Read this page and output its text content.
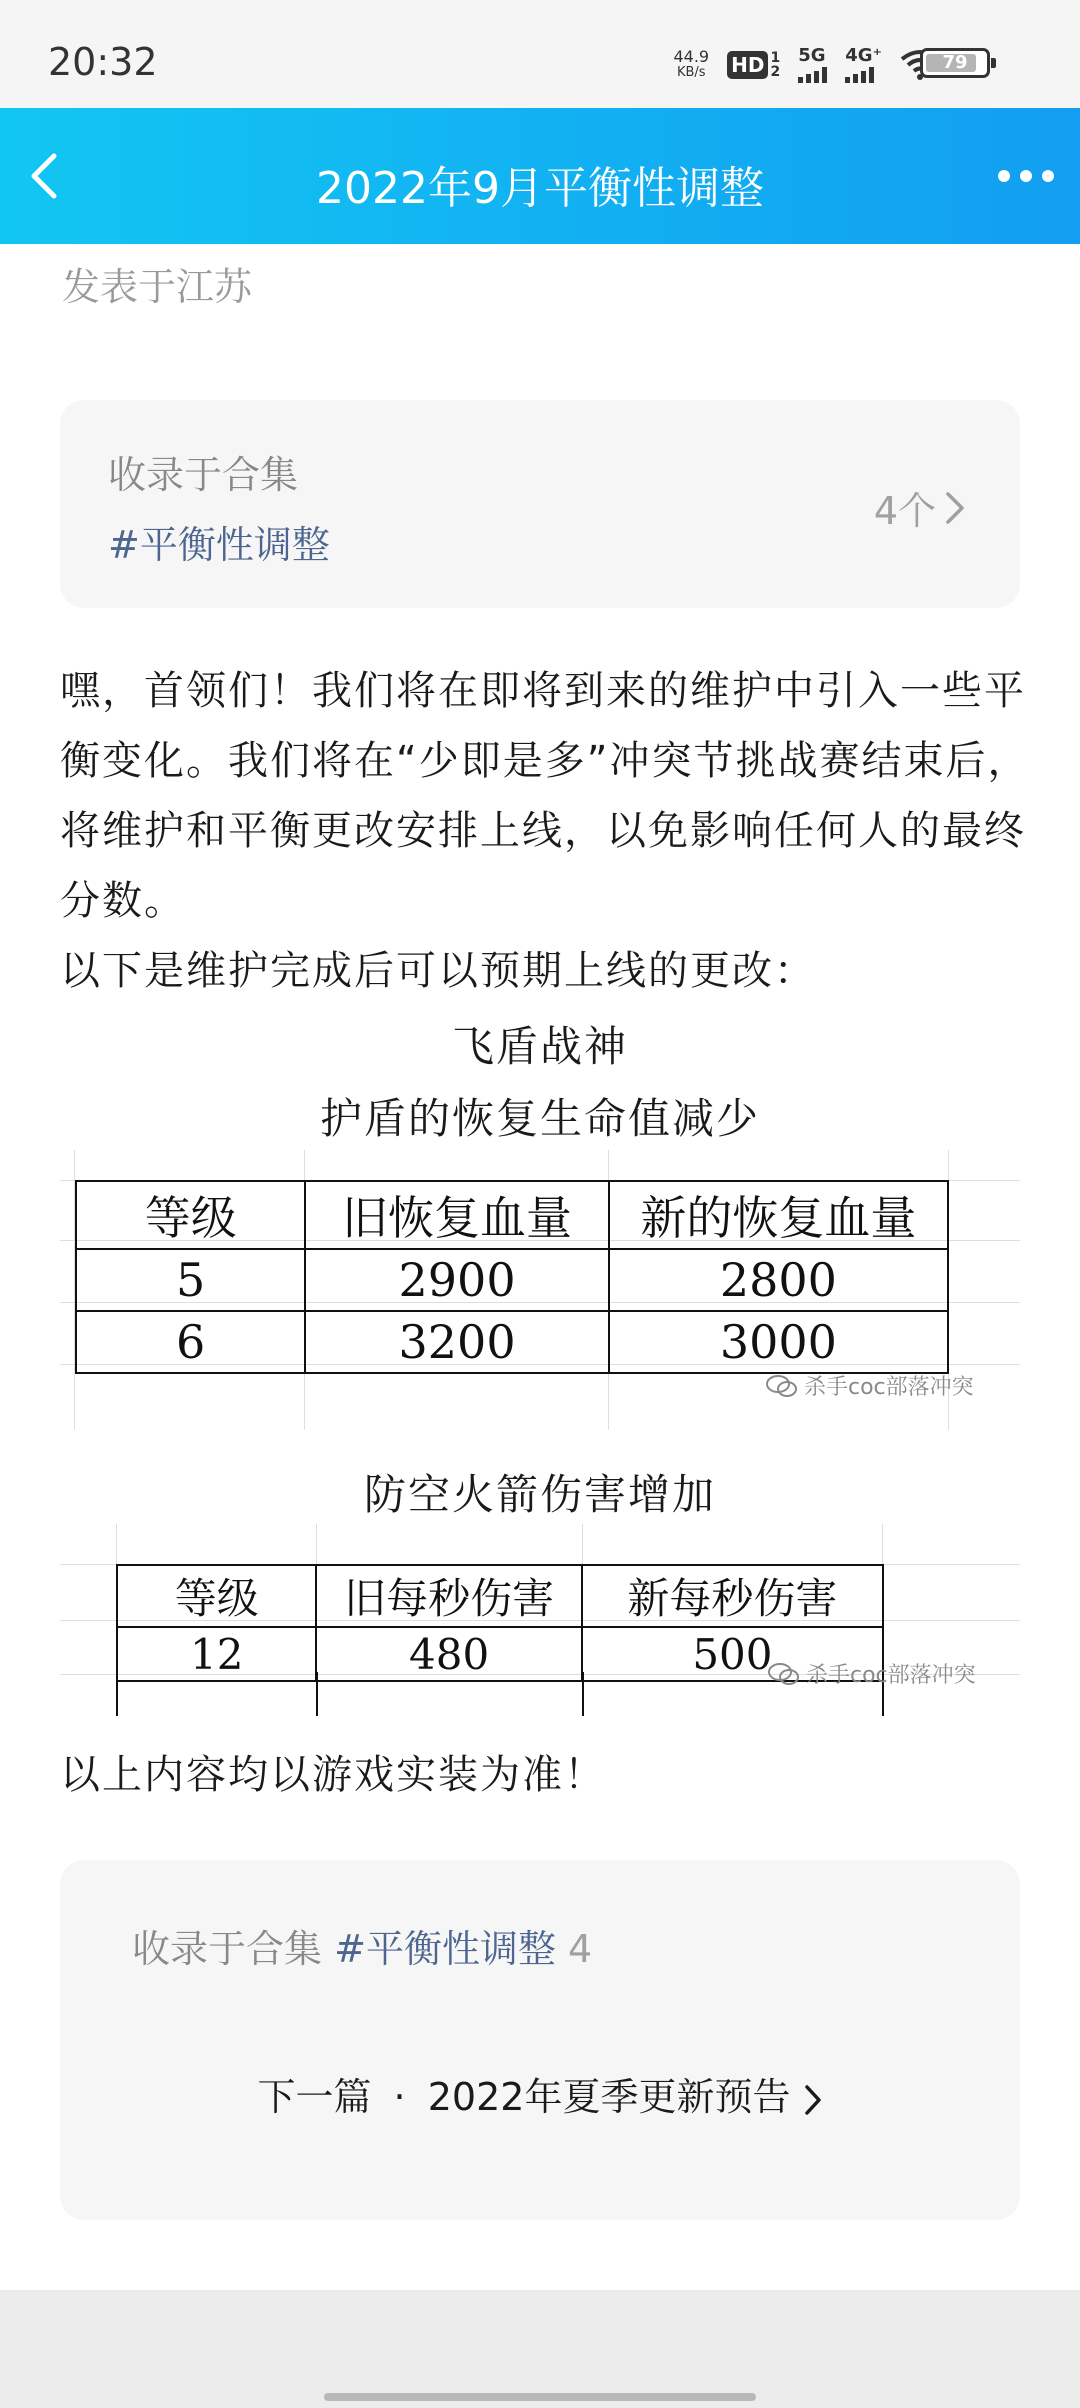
20:32	44.9
KB/s HD 1
2
5G 4G⁺	79
2022年9月平衡性调整
发表于江苏
收录于合集
#平衡性调整
4个
嘿，首领们！我们将在即将到来的维护中引入一些平衡变化。我们将在“少即是多”冲突节挑战赛结束后，将维护和平衡更改安排上线，以免影响任何人的最终分数。
以下是维护完成后可以预期上线的更改：
飞盾战神
护盾的恢复生命值减少
等级	旧恢复血量	新的恢复血量
5	2900	2800
6	3200	3000
杀手coc部落冲突
防空火箭伤害增加
等级	旧每秒伤害	新每秒伤害
12	480	500 杀手coc部落冲突
以上内容均以游戏实装为准！
收录于合集 #平衡性调整 4
下一篇 · 2022年夏季更新预告
